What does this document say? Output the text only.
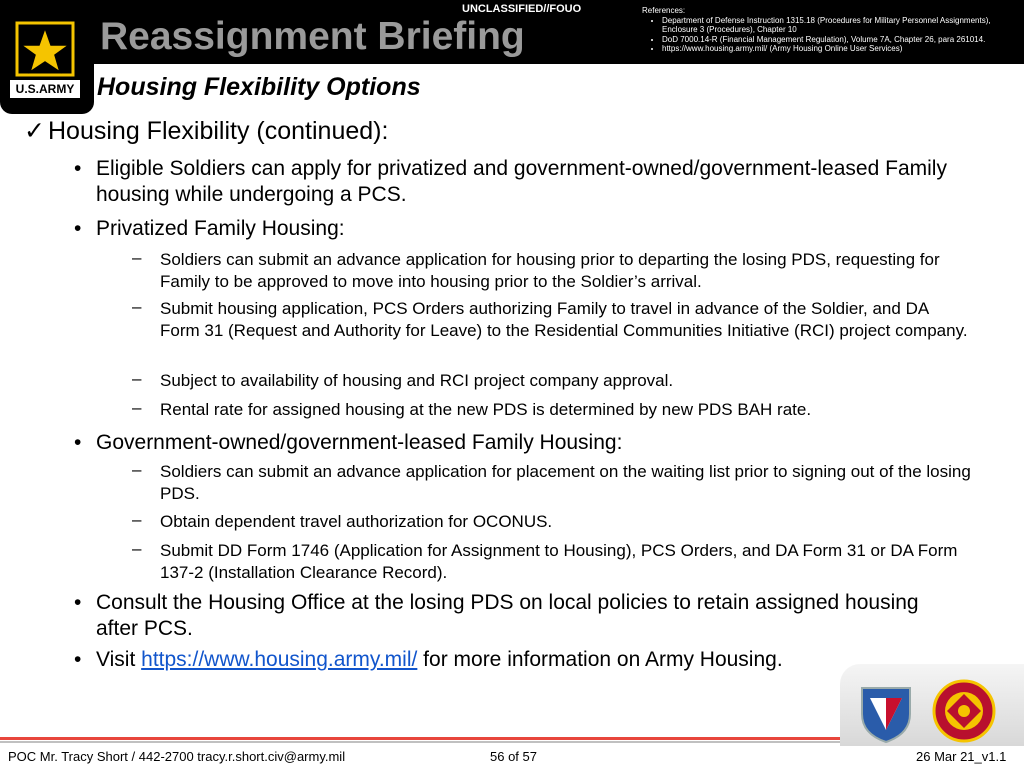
U.S.ARMY
Reassignment Briefing
UNCLASSIFIED//FOUO	References:
• Department of Defense Instruction 1315.18 (Procedures for Military Personnel Assignments), Enclosure 3 (Procedures), Chapter 10
• DoD 7000.14-R (Financial Management Regulation), Volume 7A, Chapter 26, para 261014.
• https://www.housing.army.mil/ (Army Housing Online User Services)
Housing Flexibility Options
✓ Housing Flexibility (continued):
• Eligible Soldiers can apply for privatized and government-owned/government-leased Family housing while undergoing a PCS.
• Privatized Family Housing:
– Soldiers can submit an advance application for housing prior to departing the losing PDS, requesting for Family to be approved to move into housing prior to the Soldier’s arrival.
– Submit housing application, PCS Orders authorizing Family to travel in advance of the Soldier, and DA Form 31 (Request and Authority for Leave) to the Residential Communities Initiative (RCI) project company.
– Subject to availability of housing and RCI project company approval.
– Rental rate for assigned housing at the new PDS is determined by new PDS BAH rate.
• Government-owned/government-leased Family Housing:
– Soldiers can submit an advance application for placement on the waiting list prior to signing out of the losing PDS.
– Obtain dependent travel authorization for OCONUS.
– Submit DD Form 1746 (Application for Assignment to Housing), PCS Orders, and DA Form 31 or DA Form 137-2 (Installation Clearance Record).
• Consult the Housing Office at the losing PDS on local policies to retain assigned housing after PCS.
• Visit https://www.housing.army.mil/ for more information on Army Housing.
POC Mr. Tracy Short / 442-2700 tracy.r.short.civ@army.mil	56 of 57	26 Mar 21_v1.1
